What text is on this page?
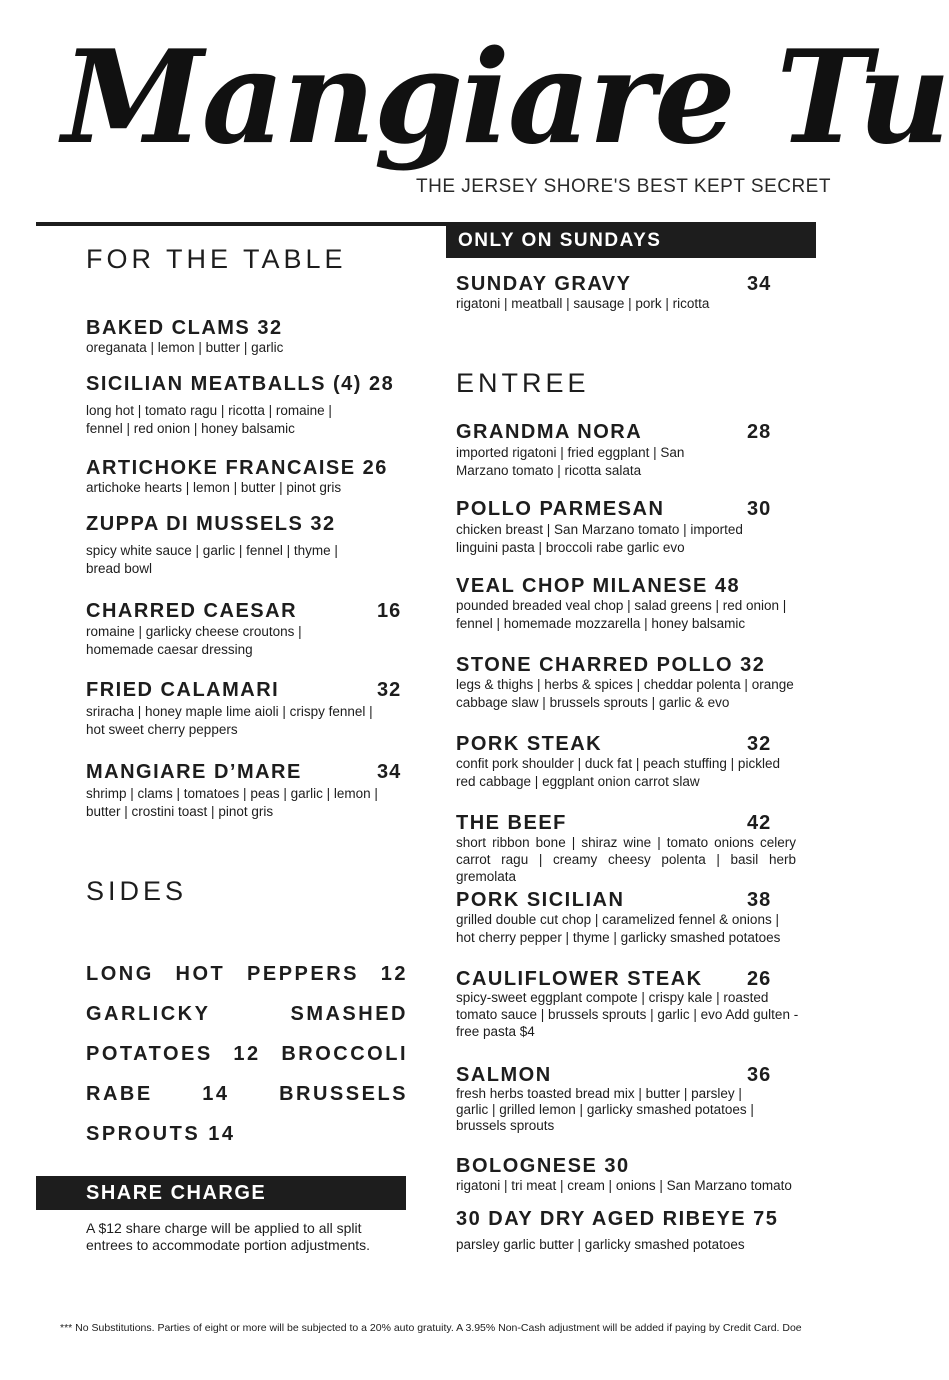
Mangiare Tu
THE JERSEY SHORE'S BEST KEPT SECRET
FOR THE TABLE
BAKED CLAMS 32
oreganata | lemon | butter | garlic
SICILIAN MEATBALLS (4) 28
long hot | tomato ragu | ricotta | romaine | fennel | red onion | honey balsamic
ARTICHOKE FRANCAISE 26
artichoke hearts | lemon | butter | pinot gris
ZUPPA DI MUSSELS 32
spicy white sauce | garlic | fennel | thyme | bread bowl
CHARRED CAESAR	16
romaine | garlicky cheese croutons | homemade caesar dressing
FRIED CALAMARI	32
sriracha | honey maple lime aioli | crispy fennel | hot sweet cherry peppers
MANGIARE D’MARE	34
shrimp | clams | tomatoes | peas | garlic | lemon | butter | crostini toast | pinot gris
SIDES
LONG HOT PEPPERS 12 GARLICKY SMASHED POTATOES 12 BROCCOLI RABE 14 BRUSSELS SPROUTS 14
SHARE CHARGE
A $12 share charge will be applied to all split entrees to accommodate portion adjustments.
ONLY ON SUNDAYS
SUNDAY GRAVY	34
rigatoni | meatball | sausage | pork | ricotta
ENTREE
GRANDMA NORA	28
imported rigatoni | fried eggplant | San Marzano tomato | ricotta salata
POLLO PARMESAN	30
chicken breast | San Marzano tomato | imported linguini pasta | broccoli rabe garlic evo
VEAL CHOP MILANESE 48
pounded breaded veal chop | salad greens | red onion | fennel | homemade mozzarella | honey balsamic
STONE CHARRED POLLO 32
legs & thighs | herbs & spices | cheddar polenta | orange cabbage slaw | brussels sprouts | garlic & evo
PORK STEAK	32
confit pork shoulder | duck fat | peach stuffing | pickled red cabbage | eggplant onion carrot slaw
THE BEEF	42
short ribbon bone | shiraz wine | tomato onions celery carrot ragu | creamy cheesy polenta | basil herb gremolata
PORK SICILIAN	38
grilled double cut chop | caramelized fennel & onions | hot cherry pepper | thyme | garlicky smashed potatoes
CAULIFLOWER STEAK 26
spicy-sweet eggplant compote | crispy kale | roasted tomato sauce | brussels sprouts | garlic | evo Add gulten - free pasta $4
SALMON	36
fresh herbs toasted bread mix | butter | parsley | garlic | grilled lemon | garlicky smashed potatoes | brussels sprouts
BOLOGNESE 30
rigatoni | tri meat | cream | onions | San Marzano tomato
30 DAY DRY AGED RIBEYE 75
parsley garlic butter | garlicky smashed potatoes
*** No Substitutions. Parties of eight or more will be subjected to a 20% auto gratuity. A 3.95% Non-Cash adjustment will be added if paying by Credit Card. Doe
